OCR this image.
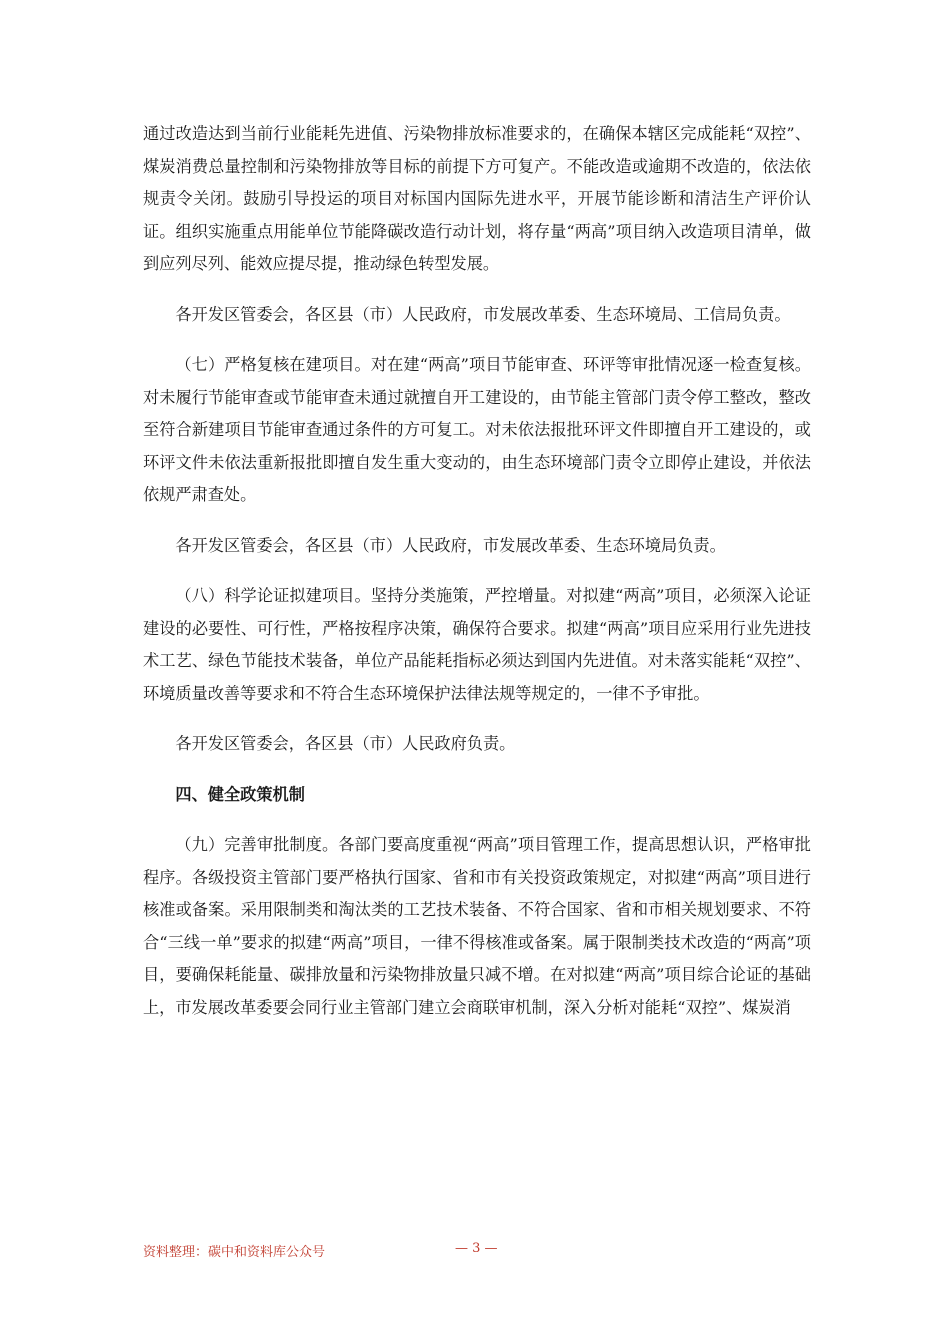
通过改造达到当前行业能耗先进值、污染物排放标准要求的，在确保本辖区完成能耗“双控”、煤炭消费总量控制和污染物排放等目标的前提下方可复产。不能改造或逾期不改造的，依法依规责令关闭。鼓励引导投运的项目对标国内国际先进水平，开展节能诊断和清洁生产评价认证。组织实施重点用能单位节能降碳改造行动计划，将存量“两高”项目纳入改造项目清单，做到应列尽列、能效应提尽提，推动绿色转型发展。

各开发区管委会，各区县（市）人民政府，市发展改革委、生态环境局、工信局负责。

（七）严格复核在建项目。对在建“两高”项目节能审查、环评等审批情况逐一检查复核。对未履行节能审查或节能审查未通过就擅自开工建设的，由节能主管部门责令停工整改，整改至符合新建项目节能审查通过条件的方可复工。对未依法报批环评文件即擅自开工建设的，或环评文件未依法重新报批即擅自发生重大变动的，由生态环境部门责令立即停止建设，并依法依规严肃查处。

各开发区管委会，各区县（市）人民政府，市发展改革委、生态环境局负责。

（八）科学论证拟建项目。坚持分类施策，严控增量。对拟建“两高”项目，必须深入论证建设的必要性、可行性，严格按程序决策，确保符合要求。拟建“两高”项目应采用行业先进技术工艺、绿色节能技术装备，单位产品能耗指标必须达到国内先进值。对未落实能耗“双控”、环境质量改善等要求和不符合生态环境保护法律法规等规定的，一律不予审批。

各开发区管委会，各区县（市）人民政府负责。

四、健全政策机制

（九）完善审批制度。各部门要高度重视“两高”项目管理工作，提高思想认识，严格审批程序。各级投资主管部门要严格执行国家、省和市有关投资政策规定，对拟建“两高”项目进行核准或备案。采用限制类和淘汰类的工艺技术装备、不符合国家、省和市相关规划要求、不符合“三线一单”要求的拟建“两高”项目，一律不得核准或备案。属于限制类技术改造的“两高”项目，要确保耗能量、碳排放量和污染物排放量只减不增。在对拟建“两高”项目综合论证的基础上，市发展改革委要会同行业主管部门建立会商联审机制，深入分析对能耗“双控”、煤炭消

资料整理：碳中和资料库公众号	— 3 —
